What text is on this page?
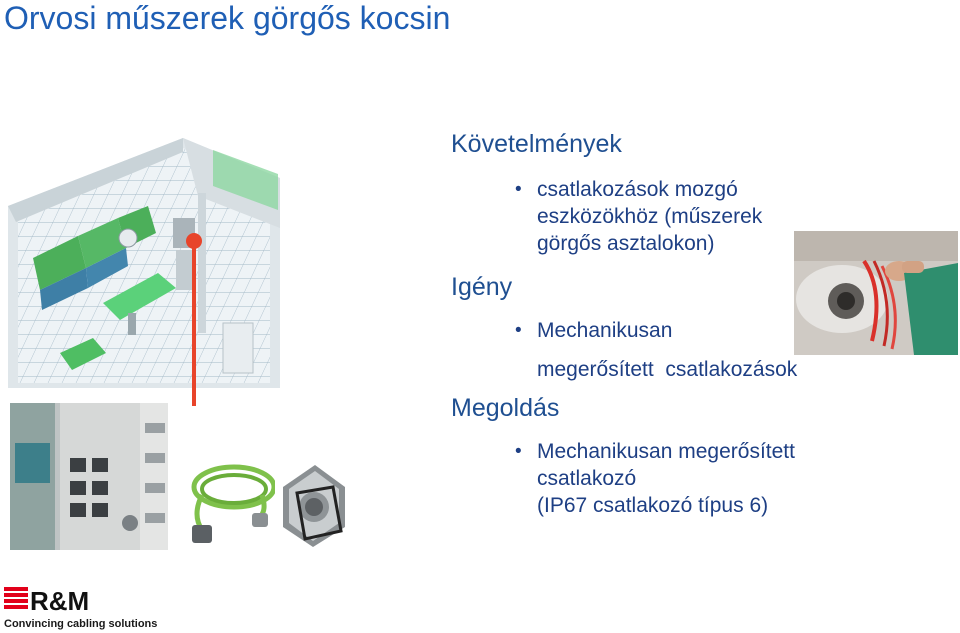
Orvosi műszerek görgős kocsin
Követelmények
Igény
Megoldás
• csatlakozások mozgó
eszközökhöz (műszerek
görgős asztalokon)
• Mechanikusan
megerősített  csatlakozások
• Mechanikusan megerősített
csatlakozó
(IP67 csatlakozó típus 6)
R&M
Convincing cabling solutions
